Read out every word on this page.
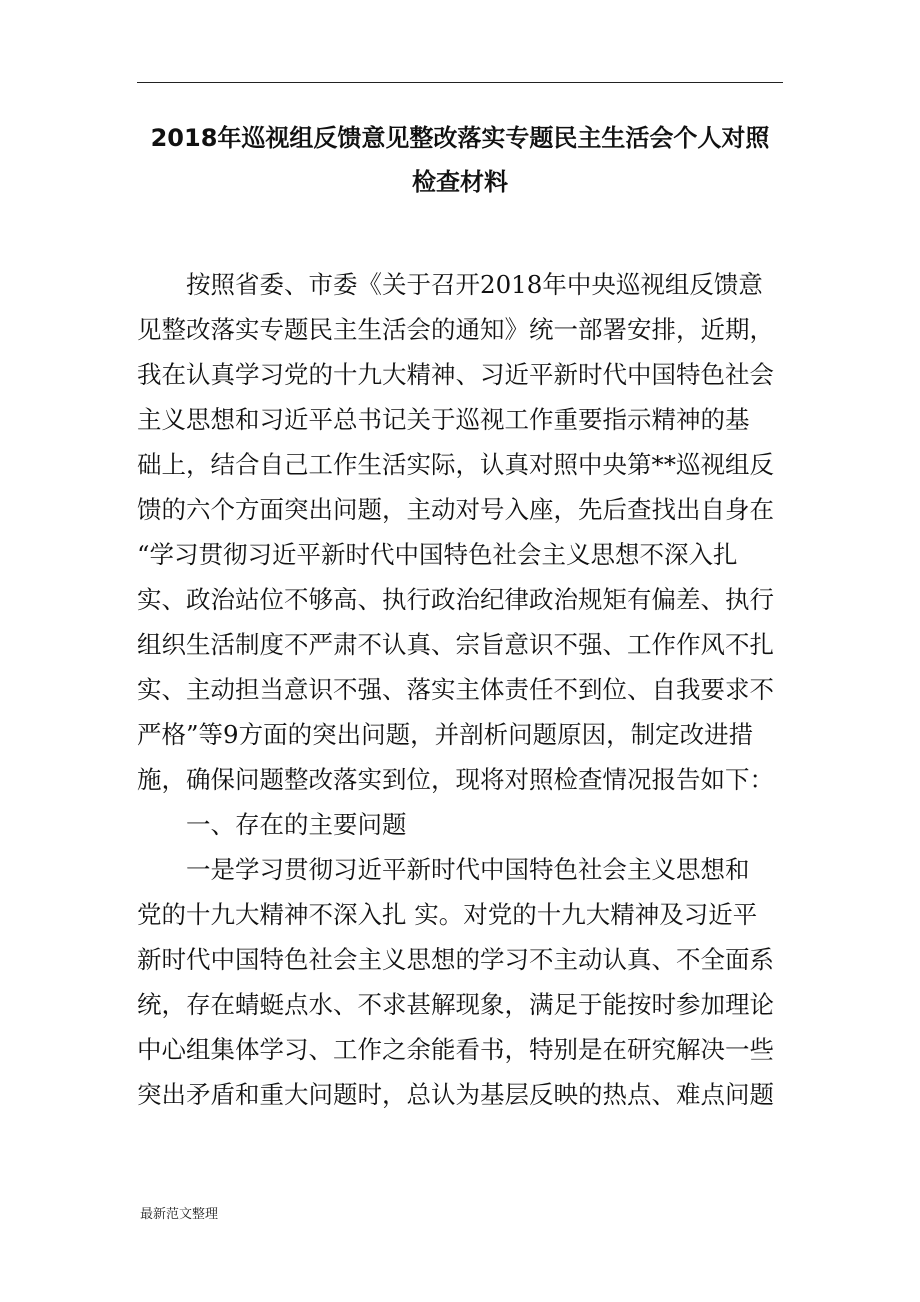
2018年巡视组反馈意见整改落实专题民主生活会个人对照
检查材料
按照省委、市委《关于召开2018年中央巡视组反馈意
见整改落实专题民主生活会的通知》统一部署安排，近期，
我在认真学习党的十九大精神、习近平新时代中国特色社会
主义思想和习近平总书记关于巡视工作重要指示精神的基
础上，结合自己工作生活实际，认真对照中央第**巡视组反
馈的六个方面突出问题，主动对号入座，先后查找出自身在
“学习贯彻习近平新时代中国特色社会主义思想不深入扎
实、政治站位不够高、执行政治纪律政治规矩有偏差、执行
组织生活制度不严肃不认真、宗旨意识不强、工作作风不扎
实、主动担当意识不强、落实主体责任不到位、自我要求不
严格”等9方面的突出问题，并剖析问题原因，制定改进措
施，确保问题整改落实到位，现将对照检查情况报告如下：
一、存在的主要问题
一是学习贯彻习近平新时代中国特色社会主义思想和
党的十九大精神不深入扎 实。对党的十九大精神及习近平
新时代中国特色社会主义思想的学习不主动认真、不全面系
统，存在蜻蜓点水、不求甚解现象，满足于能按时参加理论
中心组集体学习、工作之余能看书，特别是在研究解决一些
突出矛盾和重大问题时，总认为基层反映的热点、难点问题
最新范文整理
